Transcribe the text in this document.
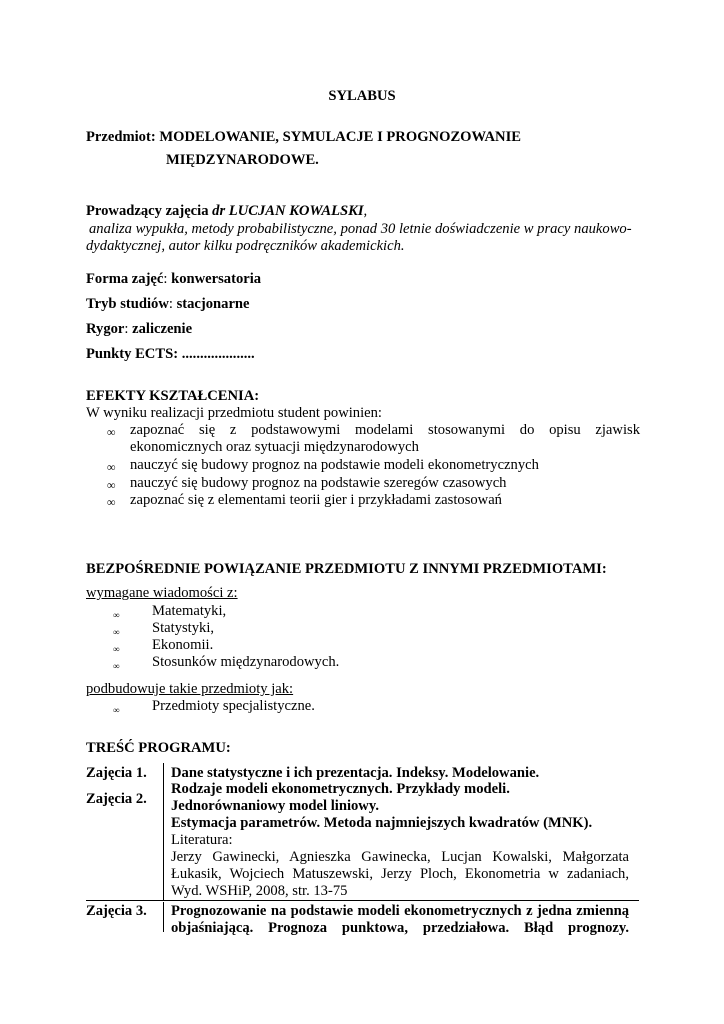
SYLABUS
Przedmiot: MODELOWANIE, SYMULACJE I PROGNOZOWANIE
MIĘDZYNARODOWE.
Prowadzący zajęcia dr LUCJAN KOWALSKI,
analiza wypukła, metody probabilistyczne, ponad 30 letnie doświadczenie w pracy naukowo-
dydaktycznej, autor kilku podręczników akademickich.
Forma zajęć: konwersatoria
Tryb studiów: stacjonarne
Rygor: zaliczenie
Punkty ECTS: ....................
EFEKTY KSZTAŁCENIA:
W wyniku realizacji przedmiotu student powinien:
∞ zapoznać się z podstawowymi modelami stosowanymi do opisu zjawisk
ekonomicznych oraz sytuacji międzynarodowych
∞ nauczyć się budowy prognoz na podstawie modeli ekonometrycznych
∞ nauczyć się budowy prognoz na podstawie szeregów czasowych
∞ zapoznać się z elementami teorii gier i przykładami zastosowań
BEZPOŚREDNIE POWIĄZANIE PRZEDMIOTU Z INNYMI PRZEDMIOTAMI:
wymagane wiadomości z:
∞ Matematyki,
∞ Statystyki,
∞ Ekonomii.
∞ Stosunków międzynarodowych.
podbudowuje takie przedmioty jak:
∞ Przedmioty specjalistyczne.
TREŚĆ PROGRAMU:
Zajęcia 1. Dane statystyczne i ich prezentacja. Indeksy. Modelowanie.
Zajęcia 2.
Rodzaje modeli ekonometrycznych. Przykłady modeli.
Jednorównaniowy model liniowy.
Estymacja parametrów. Metoda najmniejszych kwadratów (MNK).
Literatura:
Jerzy Gawinecki, Agnieszka Gawinecka, Lucjan Kowalski, Małgorzata
Łukasik, Wojciech Matuszewski, Jerzy Ploch, Ekonometria w zadaniach,
Wyd. WSHiP, 2008, str. 13-75
Zajęcia 3. Prognozowanie na podstawie modeli ekonometrycznych z jedna zmienną
objaśniającą. Prognoza punktowa, przedziałowa. Błąd prognozy.
